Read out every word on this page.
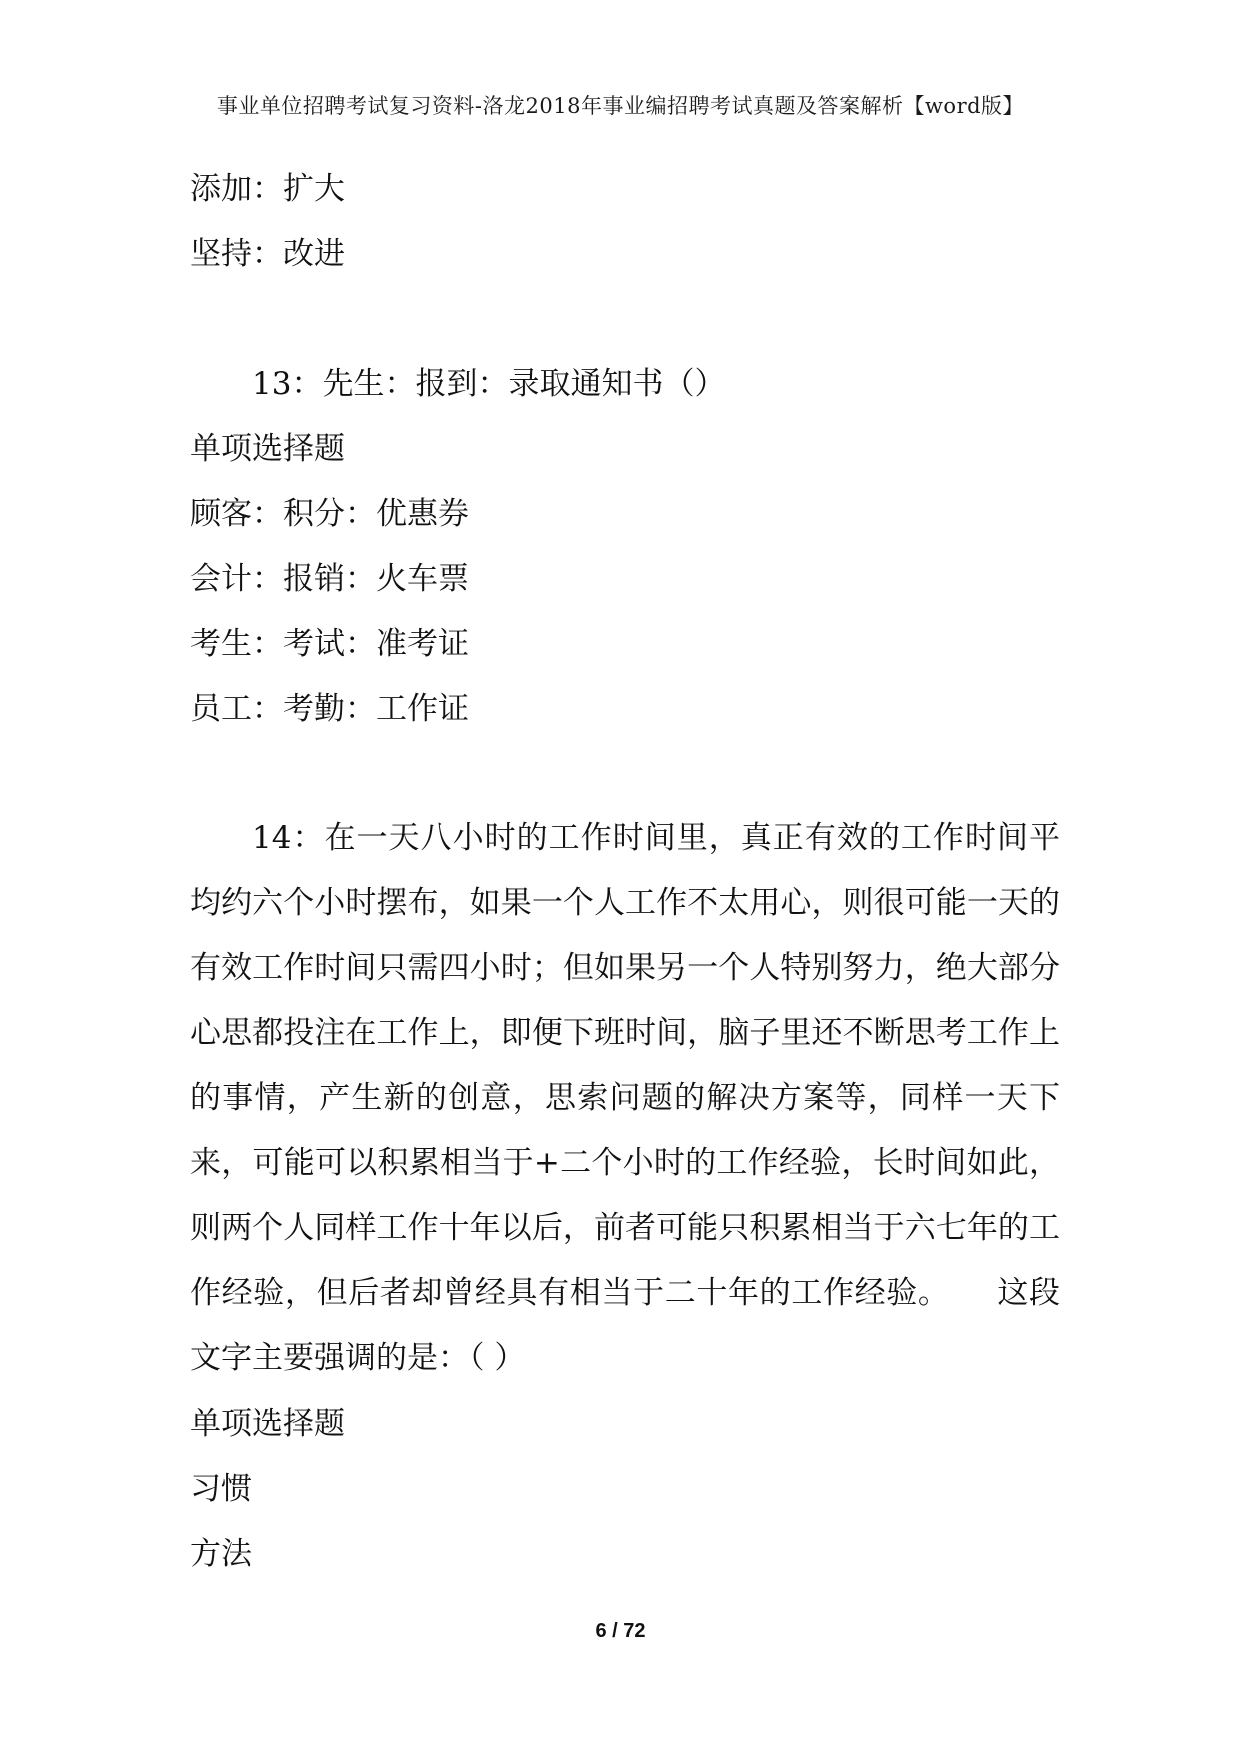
事业单位招聘考试复习资料-洛龙2018年事业编招聘考试真题及答案解析【word版】
添加：扩大
坚持：改进
13：先生：报到：录取通知书（）
单项选择题
顾客：积分：优惠券
会计：报销：火车票
考生：考试：准考证
员工：考勤：工作证

14：在一天八小时的工作时间里，真正有效的工作时间平均约六个小时摆布，如果一个人工作不太用心，则很可能一天的有效工作时间只需四小时；但如果另一个人特别努力，绝大部分心思都投注在工作上，即便下班时间，脑子里还不断思考工作上的事情，产生新的创意，思索问题的解决方案等，同样一天下来，可能可以积累相当于+二个小时的工作经验，长时间如此，则两个人同样工作十年以后，前者可能只积累相当于六七年的工作经验，但后者却曾经具有相当于二十年的工作经验。　　这段文字主要强调的是：（ ）

单项选择题
习惯
方法
6 / 72
